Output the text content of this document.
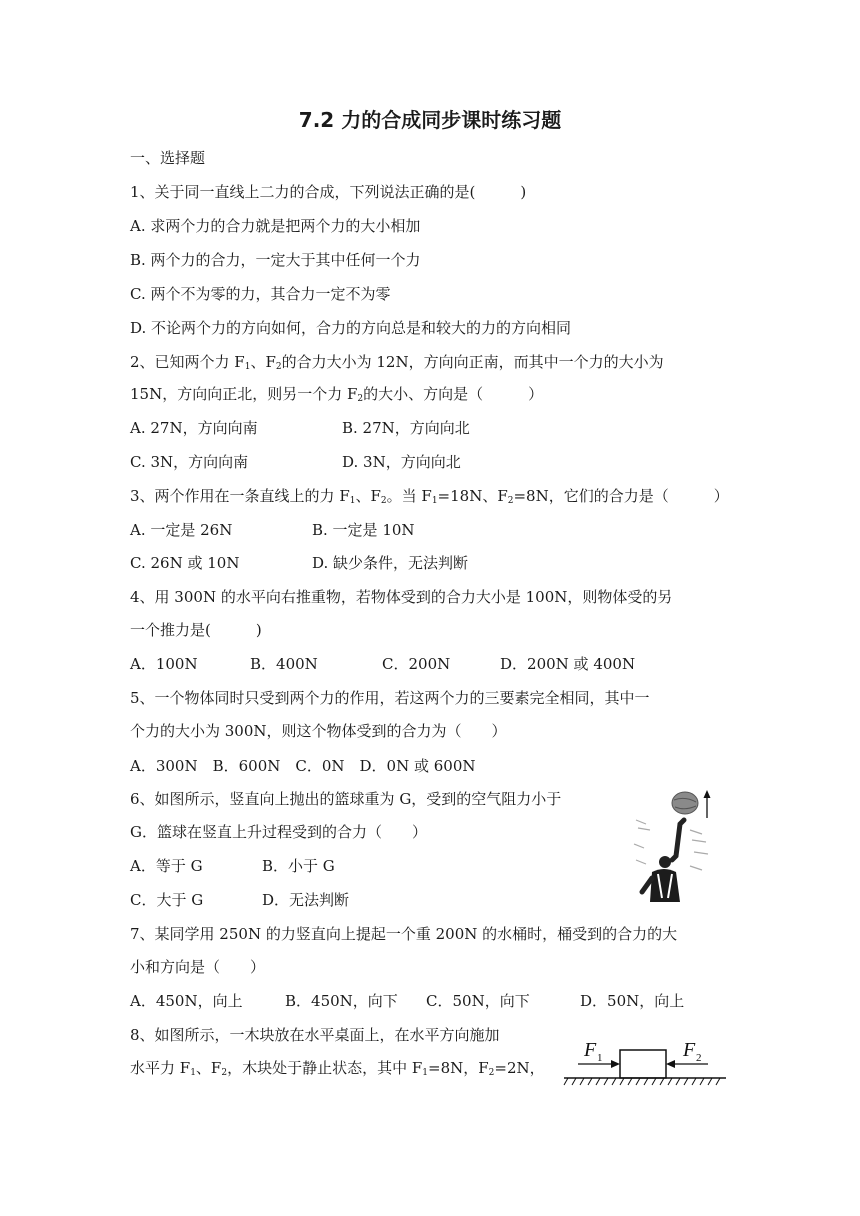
7.2 力的合成同步课时练习题
一、选择题
1、关于同一直线上二力的合成，下列说法正确的是(　　　)
A. 求两个力的合力就是把两个力的大小相加
B. 两个力的合力，一定大于其中任何一个力
C. 两个不为零的力，其合力一定不为零
D. 不论两个力的方向如何，合力的方向总是和较大的力的方向相同
2、已知两个力 $F_1$、$F_2$的合力大小为 12N，方向向正南，而其中一个力的大小为
15N，方向向正北，则另一个力 $F_2$的大小、方向是（　　　）
A. 27N，方向向南	B. 27N，方向向北
C. 3N，方向向南	D. 3N，方向向北
3、两个作用在一条直线上的力 $F_1$、$F_2$。当 $F_1=18N$、$F_2=8N$，它们的合力是（　　　）
A. 一定是 26N	B. 一定是 10N
C. 26N 或 10N	D. 缺少条件，无法判断
4、用 300N 的水平向右推重物，若物体受到的合力大小是 100N，则物体受的另
一个推力是(　　　)
A．100N	B．400N	C．200N	D．200N 或 400N
5、一个物体同时只受到两个力的作用，若这两个力的三要素完全相同，其中一
个力的大小为 300N，则这个物体受到的合力为（　　）
A．300N　B．600N　C．0N　D．0N 或 600N
6、如图所示，竖直向上抛出的篮球重为 G，受到的空气阻力小于
G．篮球在竖直上升过程受到的合力（　　）
A．等于 G	B．小于 G
C．大于 G	D．无法判断
7、某同学用 250N 的力竖直向上提起一个重 200N 的水桶时，桶受到的合力的大
小和方向是（　　）
A．450N，向上	B．450N，向下 C．50N，向下	D．50N，向上
8、如图所示，一木块放在水平桌面上，在水平方向施加
水平力 $F_1$、$F_2$，木块处于静止状态，其中 $F_1=8N$，$F_2=2N$，
F 1	F 2
